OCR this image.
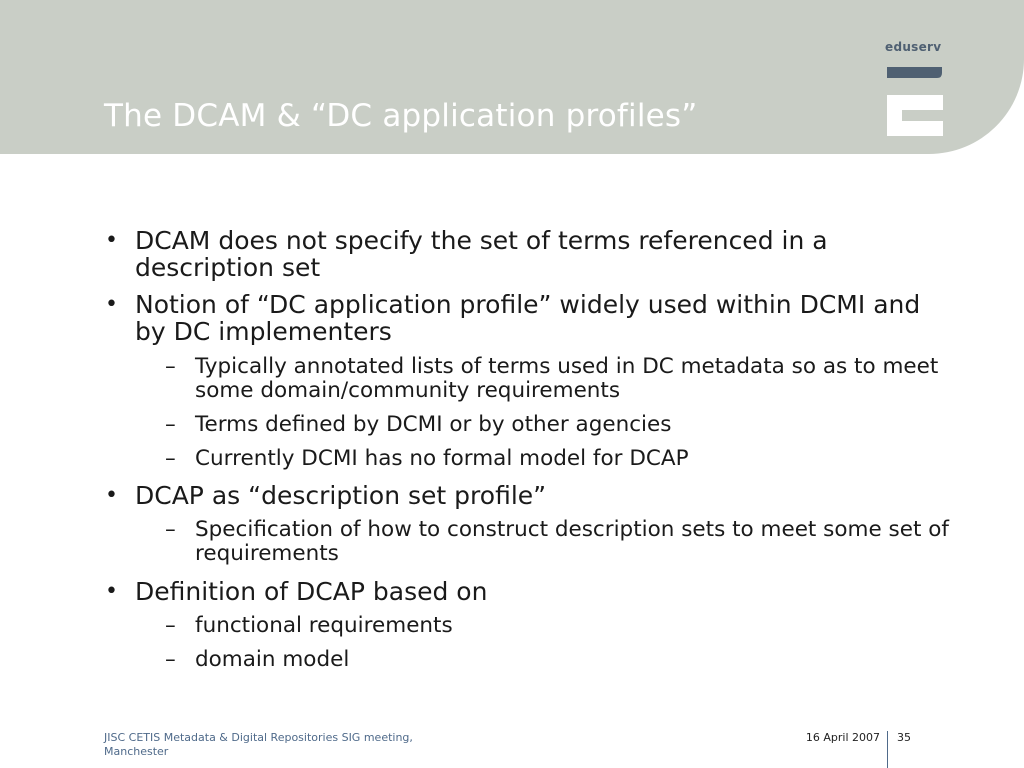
The DCAM & “DC application profiles”
eduserv
• DCAM does not specify the set of terms referenced in a description set
• Notion of “DC application profile” widely used within DCMI and by DC implementers
– Typically annotated lists of terms used in DC metadata so as to meet some domain/community requirements
– Terms defined by DCMI or by other agencies
– Currently DCMI has no formal model for DCAP
• DCAP as “description set profile”
– Specification of how to construct description sets to meet some set of requirements
• Definition of DCAP based on
– functional requirements
– domain model
JISC CETIS Metadata & Digital Repositories SIG meeting, Manchester
16 April 2007 35
